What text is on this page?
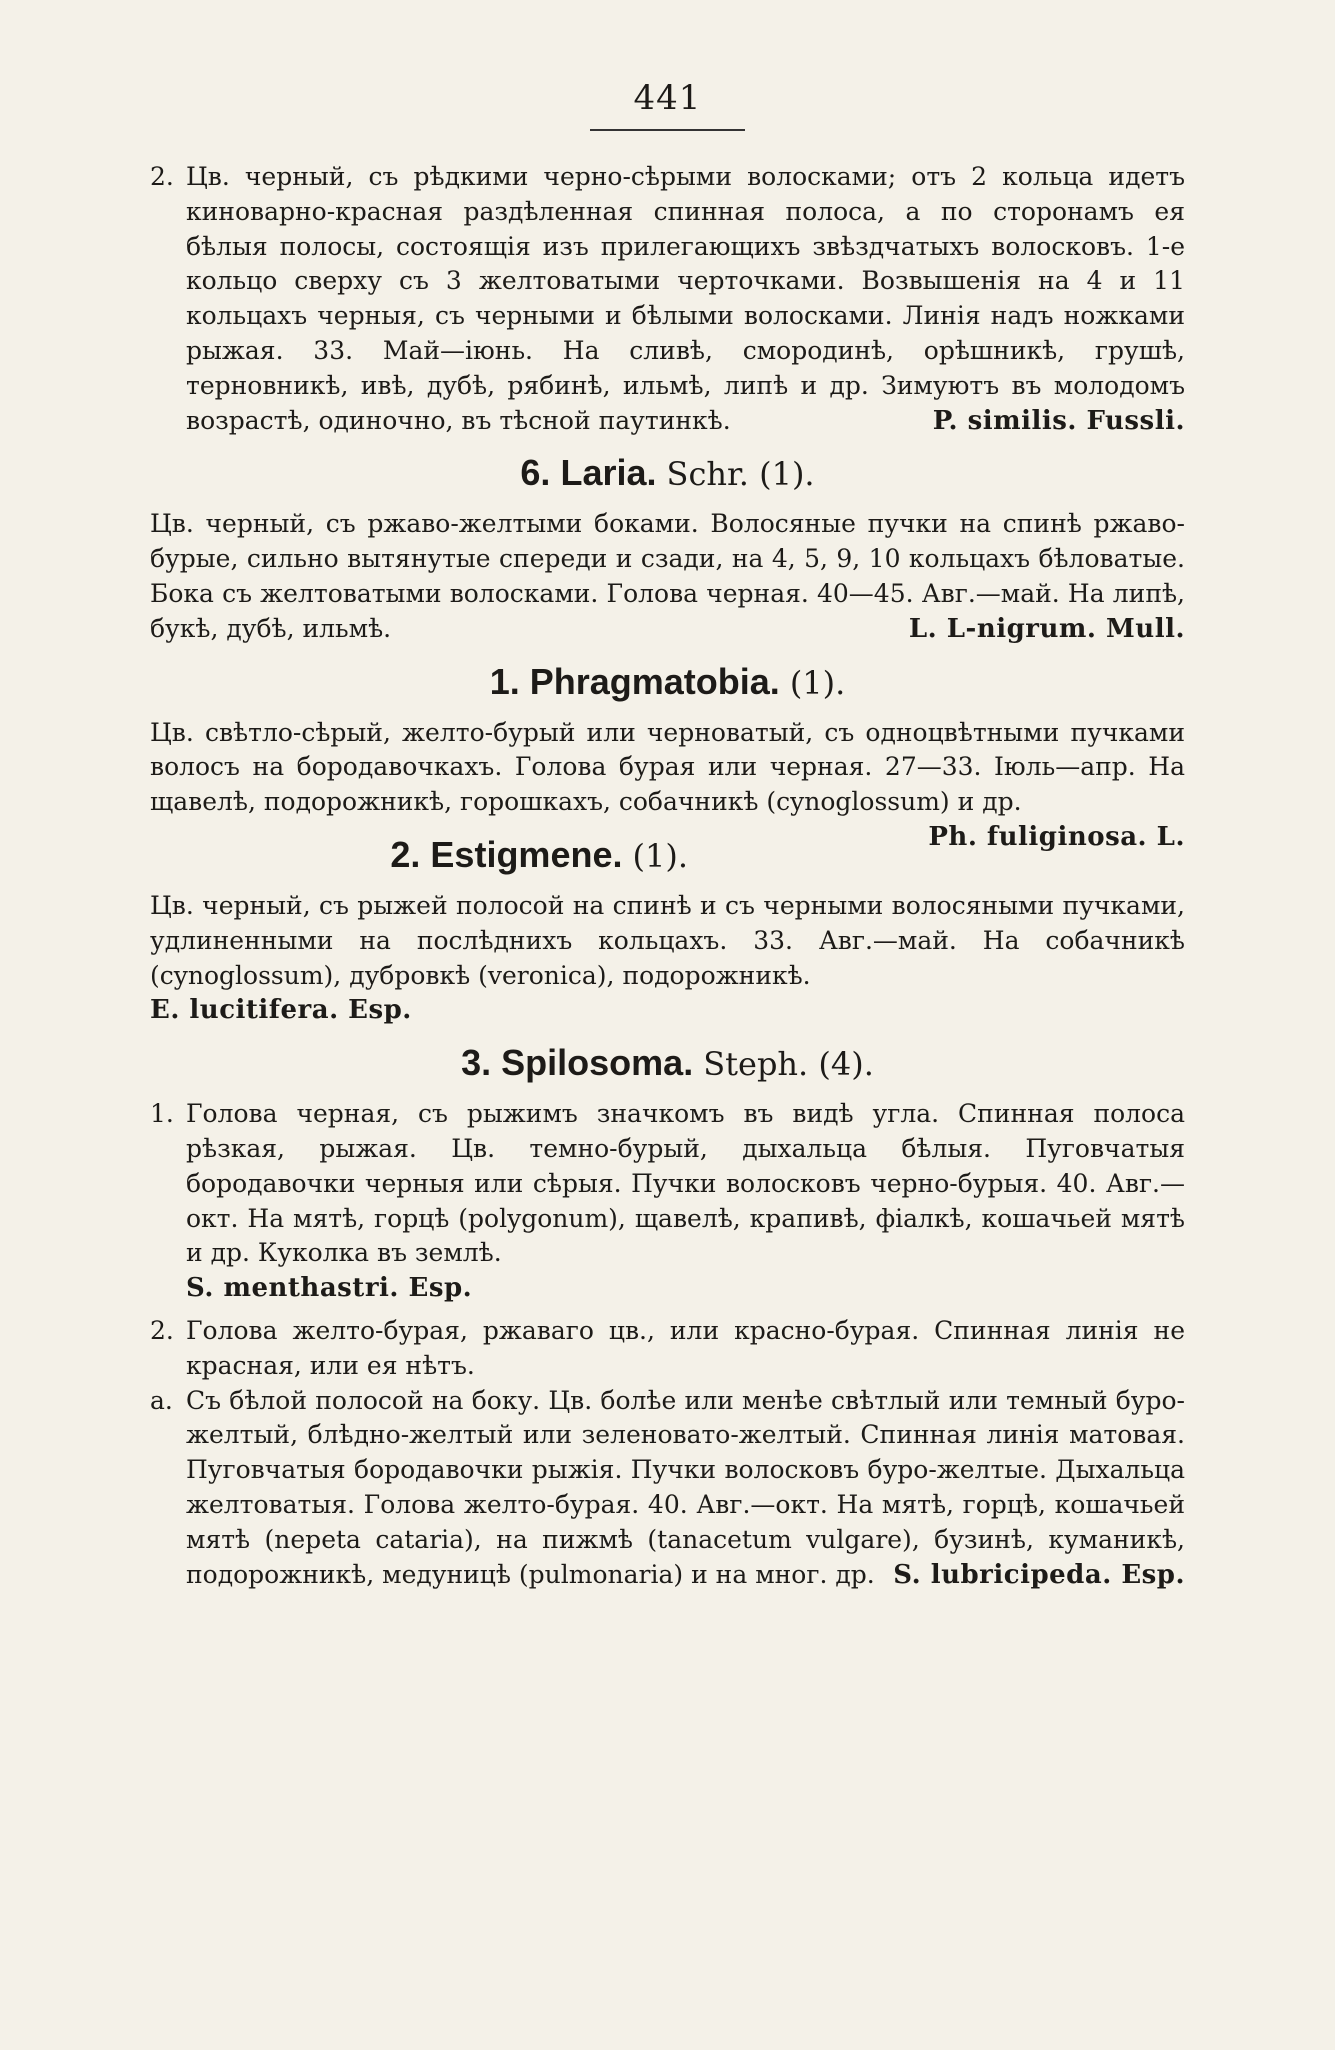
441

2. Цв. черный, съ рѣдкими черно-сѣрыми волосками; отъ 2 кольца идетъ киноварно-красная раздѣленная спинная полоса, а по сторонамъ ея бѣлыя полосы, состоящія изъ прилегающихъ звѣздчатыхъ волосковъ. 1-е кольцо сверху съ 3 желтоватыми черточками. Возвышенія на 4 и 11 кольцахъ черныя, съ черными и бѣлыми волосками. Линія надъ ножками рыжая. 33. Май—іюнь. На сливѣ, смородинѣ, орѣшникѣ, грушѣ, терновникѣ, ивѣ, дубѣ, рябинѣ, ильмѣ, липѣ и др. Зимуютъ въ молодомъ возрастѣ, одиночно, въ тѣсной паутинкѣ.	P. similis. Fussli.

6. Laria. Schr. (1).

Цв. черный, съ ржаво-желтыми боками. Волосяные пучки на спинѣ ржаво-бурые, сильно вытянутые спереди и сзади, на 4, 5, 9, 10 кольцахъ бѣловатые. Бока съ желтоватыми волосками. Голова черная. 40—45. Авг.—май. На липѣ, букѣ, дубѣ, ильмѣ.	L. L-nigrum. Mull.

1. Phragmatobia. (1).

Цв. свѣтло-сѣрый, желто-бурый или черноватый, съ одноцвѣтными пучками волосъ на бородавочкахъ. Голова бурая или черная. 27—33. Іюль—апр. На щавелѣ, подорожникѣ, горошкахъ, собачникѣ (cynoglossum) и др.
Ph. fuliginosa. L.

2. Estigmene. (1).

Цв. черный, съ рыжей полосой на спинѣ и съ черными волосяными пучками, удлиненными на послѣднихъ кольцахъ. 33. Авг.—май. На собачникѣ (cynoglossum), дубровкѣ (veronica), подорожникѣ.

E. lucitifera. Esp.

3. Spilosoma. Steph. (4).

1. Голова черная, съ рыжимъ значкомъ въ видѣ угла. Спинная полоса рѣзкая, рыжая. Цв. темно-бурый, дыхальца бѣлыя. Пуговчатыя бородавочки черныя или сѣрыя. Пучки волосковъ черно-бурыя. 40. Авг.—окт. На мятѣ, горцѣ (polygonum), щавелѣ, крапивѣ, фіалкѣ, кошачьей мятѣ и др. Куколка въ землѣ.

S. menthastri. Esp.

2. Голова желто-бурая, ржаваго цв., или красно-бурая. Спинная линія не красная, или ея нѣтъ.

a. Съ бѣлой полосой на боку. Цв. болѣе или менѣе свѣтлый или темный буро-желтый, блѣдно-желтый или зеленовато-желтый. Спинная линія матовая. Пуговчатыя бородавочки рыжія. Пучки волосковъ буро-желтые. Дыхальца желтоватыя. Голова желто-бурая. 40. Авг.—окт. На мятѣ, горцѣ, кошачьей мятѣ (nepeta cataria), на пижмѣ (tanacetum vulgare), бузинѣ, куманикѣ, подорожникѣ, медуницѣ (pulmonaria) и на мног. др. S. lubricipeda. Esp.
